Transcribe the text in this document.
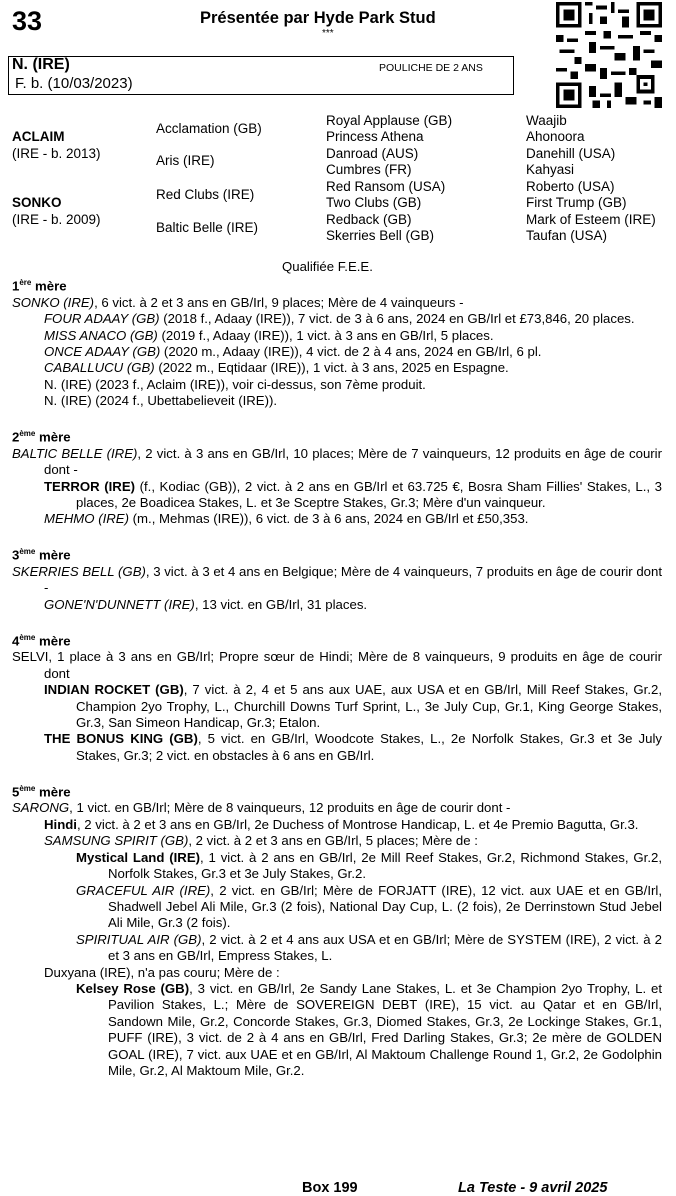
33	Présentée par Hyde Park Stud
***
N. (IRE)
F. b. (10/03/2023)
POULICHE DE 2 ANS
ACLAIM
(IRE - b. 2013)
SONKO
(IRE - b. 2009)
Acclamation (GB)
Aris (IRE)
Red Clubs (IRE)
Baltic Belle (IRE)
Royal Applause (GB)
Princess Athena
Danroad (AUS)
Cumbres (FR)
Red Ransom (USA)
Two Clubs (GB)
Redback (GB)
Skerries Bell (GB)
Waajib
Ahonoora
Danehill (USA)
Kahyasi
Roberto (USA)
First Trump (GB)
Mark of Esteem (IRE)
Taufan (USA)
Qualifiée F.E.E.
1ère mère

SONKO (IRE), 6 vict. à 2 et 3 ans en GB/Irl, 9 places; Mère de 4 vainqueurs -

FOUR ADAAY (GB) (2018 f., Adaay (IRE)), 7 vict. de 3 à 6 ans, 2024 en GB/Irl et £73,846, 20 places.

MISS ANACO (GB) (2019 f., Adaay (IRE)), 1 vict. à 3 ans en GB/Irl, 5 places.

ONCE ADAAY (GB) (2020 m., Adaay (IRE)), 4 vict. de 2 à 4 ans, 2024 en GB/Irl, 6 pl.

CABALLUCU (GB) (2022 m., Eqtidaar (IRE)), 1 vict. à 3 ans, 2025 en Espagne.

N. (IRE) (2023 f., Aclaim (IRE)), voir ci-dessus, son 7ème produit.

N. (IRE) (2024 f., Ubettabelieveit (IRE)).

2ème mère

BALTIC BELLE (IRE), 2 vict. à 3 ans en GB/Irl, 10 places; Mère de 7 vainqueurs, 12 produits en âge de courir dont -

TERROR (IRE) (f., Kodiac (GB)), 2 vict. à 2 ans en GB/Irl et 63.725 €, Bosra Sham Fillies' Stakes, L., 3 places, 2e Boadicea Stakes, L. et 3e Sceptre Stakes, Gr.3; Mère d'un vainqueur.

MEHMO (IRE) (m., Mehmas (IRE)), 6 vict. de 3 à 6 ans, 2024 en GB/Irl et £50,353.

3ème mère

SKERRIES BELL (GB), 3 vict. à 3 et 4 ans en Belgique; Mère de 4 vainqueurs, 7 produits en âge de courir dont -

GONE'N'DUNNETT (IRE), 13 vict. en GB/Irl, 31 places.

4ème mère

SELVI, 1 place à 3 ans en GB/Irl; Propre sœur de Hindi; Mère de 8 vainqueurs, 9 produits en âge de courir dont

INDIAN ROCKET (GB), 7 vict. à 2, 4 et 5 ans aux UAE, aux USA et en GB/Irl, Mill Reef Stakes, Gr.2, Champion 2yo Trophy, L., Churchill Downs Turf Sprint, L., 3e July Cup, Gr.1, King George Stakes, Gr.3, San Simeon Handicap, Gr.3; Etalon.

THE BONUS KING (GB), 5 vict. en GB/Irl, Woodcote Stakes, L., 2e Norfolk Stakes, Gr.3 et 3e July Stakes, Gr.3; 2 vict. en obstacles à 6 ans en GB/Irl.

5ème mère

SARONG, 1 vict. en GB/Irl; Mère de 8 vainqueurs, 12 produits en âge de courir dont -

Hindi, 2 vict. à 2 et 3 ans en GB/Irl, 2e Duchess of Montrose Handicap, L. et 4e Premio Bagutta, Gr.3.

SAMSUNG SPIRIT (GB), 2 vict. à 2 et 3 ans en GB/Irl, 5 places; Mère de :

Mystical Land (IRE), 1 vict. à 2 ans en GB/Irl, 2e Mill Reef Stakes, Gr.2, Richmond Stakes, Gr.2, Norfolk Stakes, Gr.3 et 3e July Stakes, Gr.2.

GRACEFUL AIR (IRE), 2 vict. en GB/Irl; Mère de FORJATT (IRE), 12 vict. aux UAE et en GB/Irl, Shadwell Jebel Ali Mile, Gr.3 (2 fois), National Day Cup, L. (2 fois), 2e Derrinstown Stud Jebel Ali Mile, Gr.3 (2 fois).

SPIRITUAL AIR (GB), 2 vict. à 2 et 4 ans aux USA et en GB/Irl; Mère de SYSTEM (IRE), 2 vict. à 2 et 3 ans en GB/Irl, Empress Stakes, L.

Duxyana (IRE), n'a pas couru; Mère de :

Kelsey Rose (GB), 3 vict. en GB/Irl, 2e Sandy Lane Stakes, L. et 3e Champion 2yo Trophy, L. et Pavilion Stakes, L.; Mère de SOVEREIGN DEBT (IRE), 15 vict. au Qatar et en GB/Irl, Sandown Mile, Gr.2, Concorde Stakes, Gr.3, Diomed Stakes, Gr.3, 2e Lockinge Stakes, Gr.1, PUFF (IRE), 3 vict. de 2 à 4 ans en GB/Irl, Fred Darling Stakes, Gr.3; 2e mère de GOLDEN GOAL (IRE), 7 vict. aux UAE et en GB/Irl, Al Maktoum Challenge Round 1, Gr.2, 2e Godolphin Mile, Gr.2, Al Maktoum Mile, Gr.2.

Box 199	La Teste - 9 avril 2025
